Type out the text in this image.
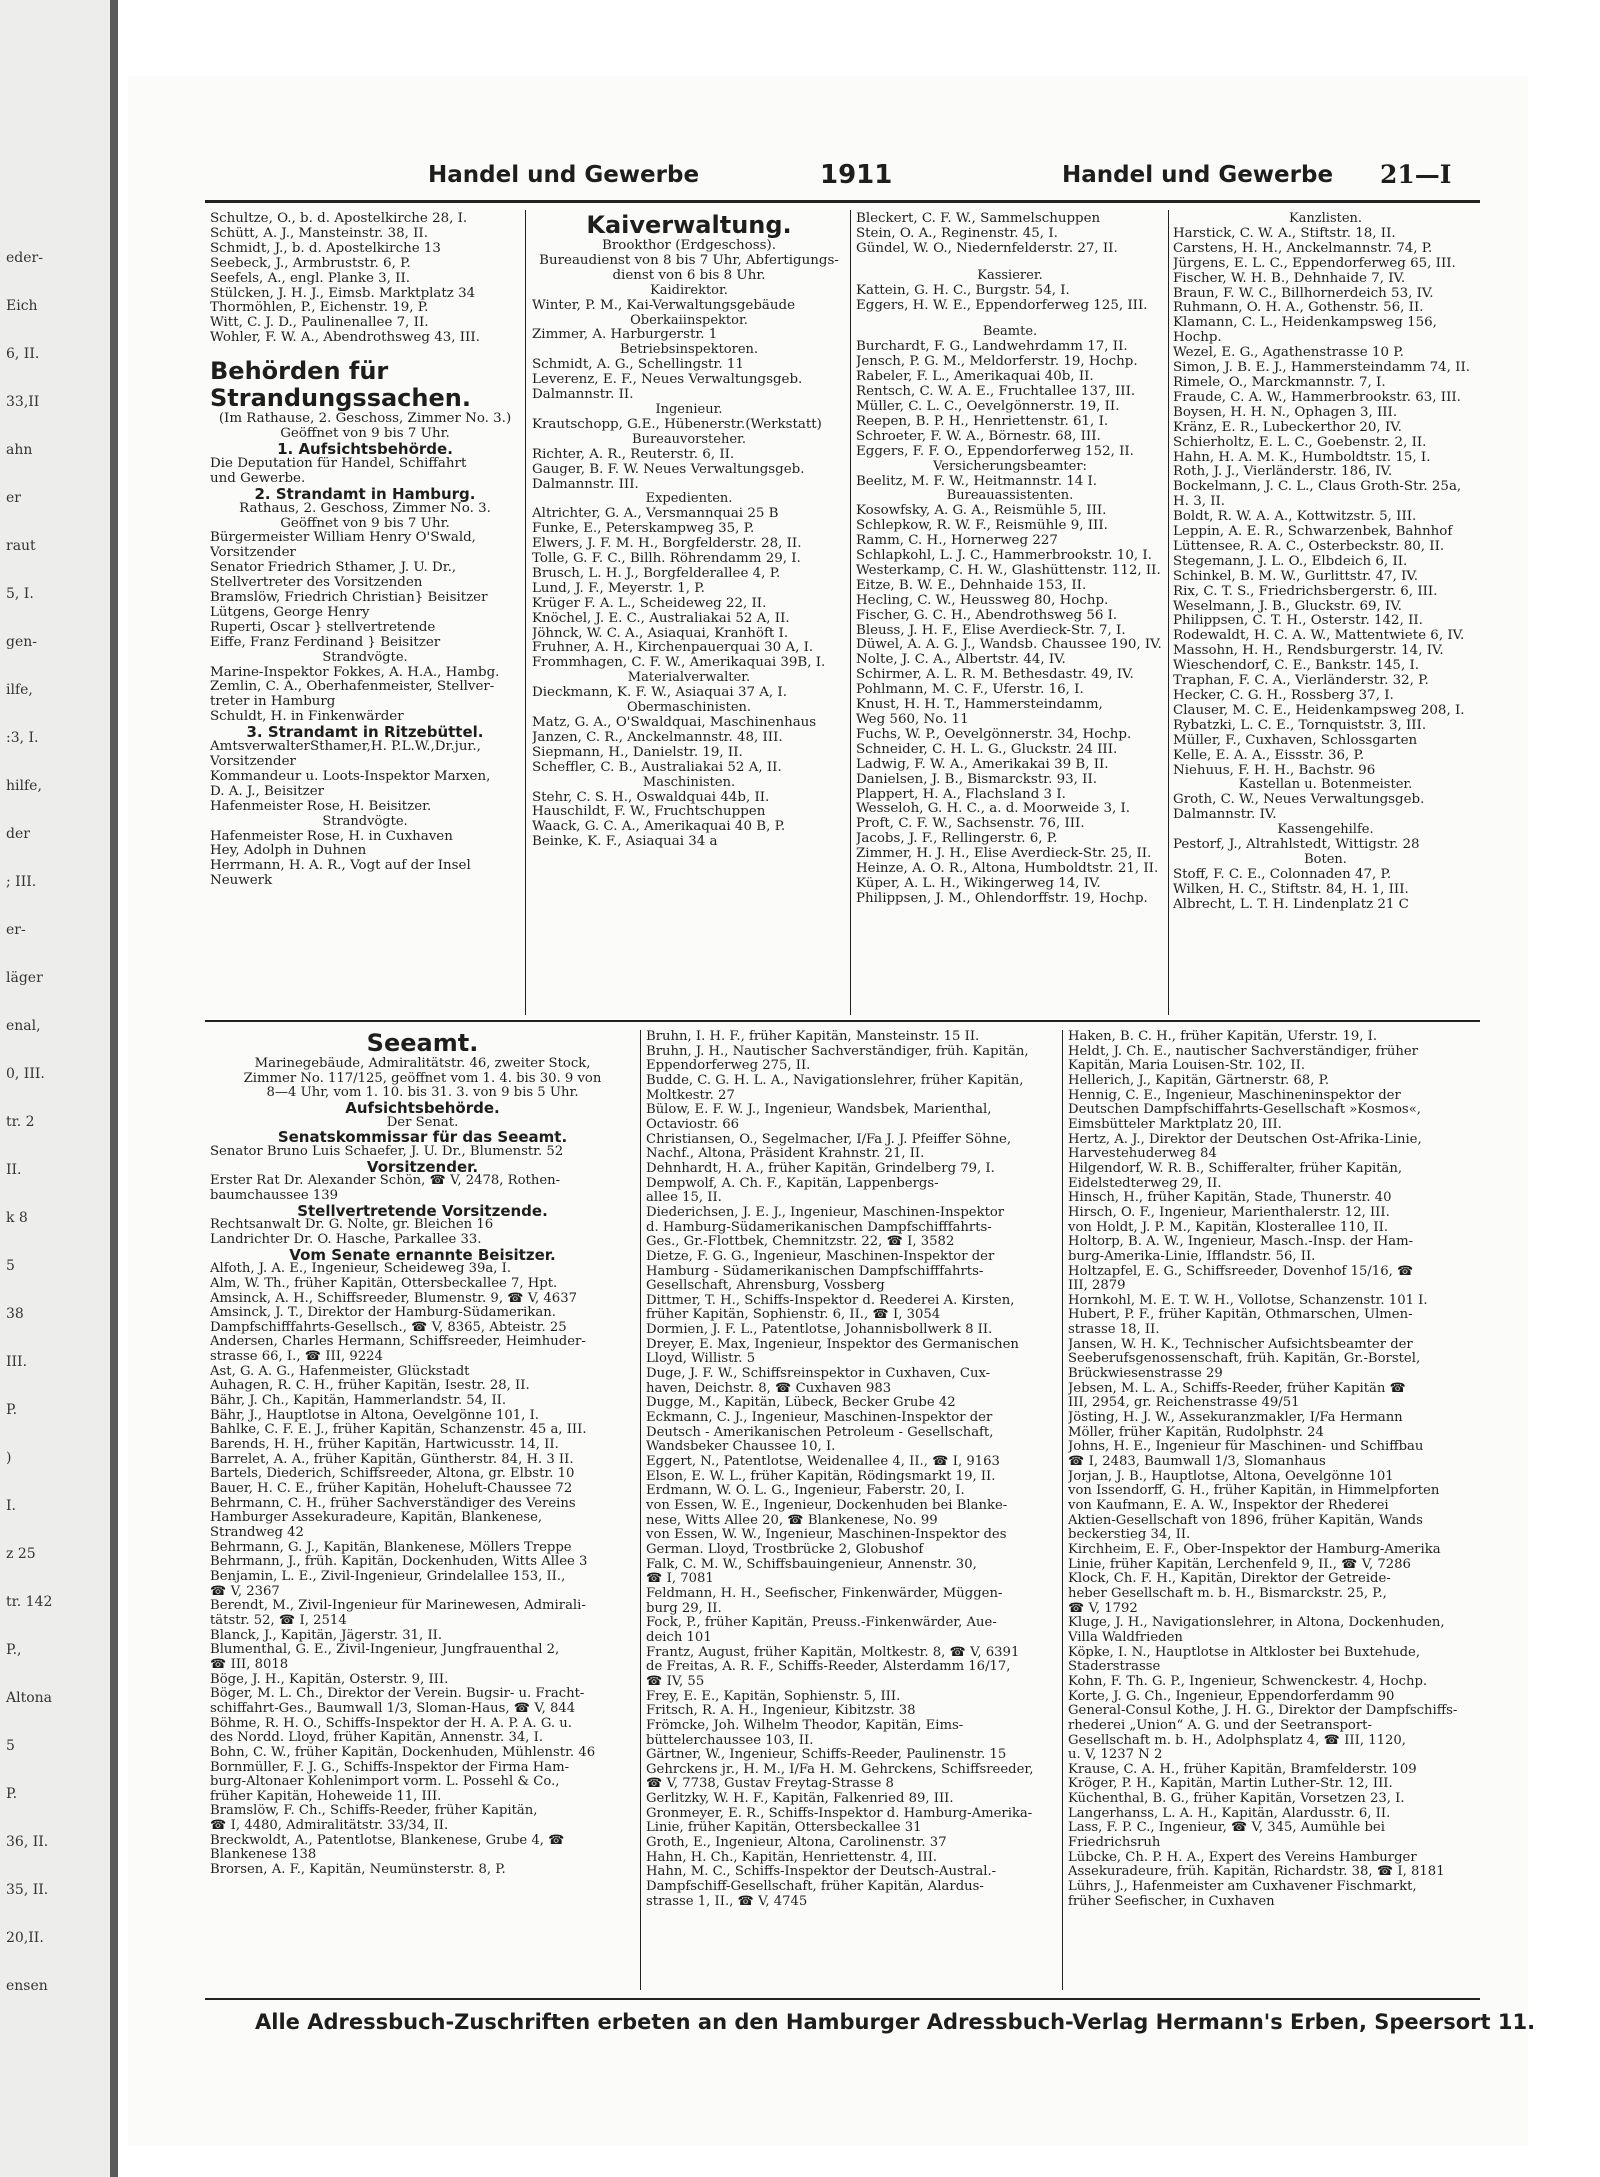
eder-
Eich
6, II.
33,II
ahn
er
raut
5, I.
gen-
ilfe,
:3, I.
hilfe,
der
; III.
er-
läger
enal,
0, III.
tr. 2
II.
k 8
5
38
III.
P.
)
I.
z 25
tr. 142
P.,
Altona
5
P.
36, II.
35, II.
20,II.
ensen
Handel und Gewerbe	1911	Handel und Gewerbe 21—I
Schultze, O., b. d. Apostelkirche 28, I.
Schütt, A. J., Mansteinstr. 38, II.
Schmidt, J., b. d. Apostelkirche 13
Seebeck, J., Armbruststr. 6, P.
Seefels, A., engl. Planke 3, II.
Stülcken, J. H. J., Eimsb. Marktplatz 34
Thormöhlen, P., Eichenstr. 19, P.
Witt, C. J. D., Paulinenallee 7, II.
Wohler, F. W. A., Abendrothsweg 43, III.
Behörden für
Strandungssachen.
(Im Rathause, 2. Geschoss, Zimmer No. 3.)
Geöffnet von 9 bis 7 Uhr.
1. Aufsichtsbehörde.
Die Deputation für Handel, Schiffahrt
und Gewerbe.
2. Strandamt in Hamburg.
Rathaus, 2. Geschoss, Zimmer No. 3.
Geöffnet von 9 bis 7 Uhr.
Bürgermeister William Henry O'Swald,
Vorsitzender
Senator Friedrich Sthamer, J. U. Dr.,
Stellvertreter des Vorsitzenden
Bramslöw, Friedrich Christian} Beisitzer
Lütgens, George Henry
Ruperti, Oscar } stellvertretende
Eiffe, Franz Ferdinand } Beisitzer
Strandvögte.
Marine-Inspektor Fokkes, A. H.A., Hambg.
Zemlin, C. A., Oberhafenmeister, Stellver-
treter in Hamburg
Schuldt, H. in Finkenwärder
3. Strandamt in Ritzebüttel.
AmtsverwalterSthamer,H. P.L.W.,Dr.jur.,
Vorsitzender
Kommandeur u. Loots-Inspektor Marxen,
D. A. J., Beisitzer
Hafenmeister Rose, H. Beisitzer.
Strandvögte.
Hafenmeister Rose, H. in Cuxhaven
Hey, Adolph in Duhnen
Herrmann, H. A. R., Vogt auf der Insel
Neuwerk
Kaiverwaltung.
Brookthor (Erdgeschoss).
Bureaudienst von 8 bis 7 Uhr, Abfertigungs-
dienst von 6 bis 8 Uhr.
Kaidirektor.
Winter, P. M., Kai-Verwaltungsgebäude
Oberkaiinspektor.
Zimmer, A. Harburgerstr. 1
Betriebsinspektoren.
Schmidt, A. G., Schellingstr. 11
Leverenz, E. F., Neues Verwaltungsgeb.
Dalmannstr. II.
Ingenieur.
Krautschopp, G.E., Hübenerstr.(Werkstatt)
Bureauvorsteher.
Richter, A. R., Reuterstr. 6, II.
Gauger, B. F. W. Neues Verwaltungsgeb.
Dalmannstr. III.
Expedienten.
Altrichter, G. A., Versmannquai 25 B
Funke, E., Peterskampweg 35, P.
Elwers, J. F. M. H., Borgfelderstr. 28, II.
Tolle, G. F. C., Billh. Röhrendamm 29, I.
Brusch, L. H. J., Borgfelderallee 4, P.
Lund, J. F., Meyerstr. 1, P.
Krüger F. A. L., Scheideweg 22, II.
Knöchel, J. E. C., Australiakai 52 A, II.
Jöhnck, W. C. A., Asiaquai, Kranhöft I.
Fruhner, A. H., Kirchenpauerquai 30 A, I.
Frommhagen, C. F. W., Amerikaquai 39B, I.
Materialverwalter.
Dieckmann, K. F. W., Asiaquai 37 A, I.
Obermaschinisten.
Matz, G. A., O'Swaldquai, Maschinenhaus
Janzen, C. R., Anckelmannstr. 48, III.
Siepmann, H., Danielstr. 19, II.
Scheffler, C. B., Australiakai 52 A, II.
Maschinisten.
Stehr, C. S. H., Oswaldquai 44b, II.
Hauschildt, F. W., Fruchtschuppen
Waack, G. C. A., Amerikaquai 40 B, P.
Beinke, K. F., Asiaquai 34 a
Bleckert, C. F. W., Sammelschuppen
Stein, O. A., Reginenstr. 45, I.
Gündel, W. O., Niedernfelderstr. 27, II.
Kassierer.
Kattein, G. H. C., Burgstr. 54, I.
Eggers, H. W. E., Eppendorferweg 125, III.
Beamte.
Burchardt, F. G., Landwehrdamm 17, II.
Jensch, P. G. M., Meldorferstr. 19, Hochp.
Rabeler, F. L., Amerikaquai 40b, II.
Rentsch, C. W. A. E., Fruchtallee 137, III.
Müller, C. L. C., Oevelgönnerstr. 19, II.
Reepen, B. P. H., Henriettenstr. 61, I.
Schroeter, F. W. A., Börnestr. 68, III.
Eggers, F. F. O., Eppendorferweg 152, II.
Versicherungsbeamter:
Beelitz, M. F. W., Heitmannstr. 14 I.
Bureauassistenten.
Kosowfsky, A. G. A., Reismühle 5, III.
Schlepkow, R. W. F., Reismühle 9, III.
Ramm, C. H., Hornerweg 227
Schlapkohl, L. J. C., Hammerbrookstr. 10, I.
Westerkamp, C. H. W., Glashüttenstr. 112, II.
Eitze, B. W. E., Dehnhaide 153, II.
Hecling, C. W., Heussweg 80, Hochp.
Fischer, G. C. H., Abendrothsweg 56 I.
Bleuss, J. H. F., Elise Averdieck-Str. 7, I.
Düwel, A. A. G. J., Wandsb. Chaussee 190, IV.
Nolte, J. C. A., Albertstr. 44, IV.
Schirmer, A. L. R. M. Bethesdastr. 49, IV.
Pohlmann, M. C. F., Uferstr. 16, I.
Knust, H. H. T., Hammersteindamm,
Weg 560, No. 11
Fuchs, W. P., Oevelgönnerstr. 34, Hochp.
Schneider, C. H. L. G., Gluckstr. 24 III.
Ladwig, F. W. A., Amerikakai 39 B, II.
Danielsen, J. B., Bismarckstr. 93, II.
Plappert, H. A., Flachsland 3 I.
Wesseloh, G. H. C., a. d. Moorweide 3, I.
Proft, C. F. W., Sachsenstr. 76, III.
Jacobs, J. F., Rellingerstr. 6, P.
Zimmer, H. J. H., Elise Averdieck-Str. 25, II.
Heinze, A. O. R., Altona, Humboldtstr. 21, II.
Küper, A. L. H., Wikingerweg 14, IV.
Philippsen, J. M., Ohlendorffstr. 19, Hochp.
Kanzlisten.
Harstick, C. W. A., Stiftstr. 18, II.
Carstens, H. H., Anckelmannstr. 74, P.
Jürgens, E. L. C., Eppendorferweg 65, III.
Fischer, W. H. B., Dehnhaide 7, IV.
Braun, F. W. C., Billhornerdeich 53, IV.
Ruhmann, O. H. A., Gothenstr. 56, II.
Klamann, C. L., Heidenkampsweg 156,
Hochp.
Wezel, E. G., Agathenstrasse 10 P.
Simon, J. B. E. J., Hammersteindamm 74, II.
Rimele, O., Marckmannstr. 7, I.
Fraude, C. A. W., Hammerbrookstr. 63, III.
Boysen, H. H. N., Ophagen 3, III.
Kränz, E. R., Lubeckerthor 20, IV.
Schierholtz, E. L. C., Goebenstr. 2, II.
Hahn, H. A. M. K., Humboldtstr. 15, I.
Roth, J. J., Vierländerstr. 186, IV.
Bockelmann, J. C. L., Claus Groth-Str. 25a,
H. 3, II.
Boldt, R. W. A. A., Kottwitzstr. 5, III.
Leppin, A. E. R., Schwarzenbek, Bahnhof
Lüttensee, R. A. C., Osterbeckstr. 80, II.
Stegemann, J. L. O., Elbdeich 6, II.
Schinkel, B. M. W., Gurlittstr. 47, IV.
Rix, C. T. S., Friedrichsbergerstr. 6, III.
Weselmann, J. B., Gluckstr. 69, IV.
Philippsen, C. T. H., Osterstr. 142, II.
Rodewaldt, H. C. A. W., Mattentwiete 6, IV.
Massohn, H. H., Rendsburgerstr. 14, IV.
Wieschendorf, C. E., Bankstr. 145, I.
Traphan, F. C. A., Vierländerstr. 32, P.
Hecker, C. G. H., Rossberg 37, I.
Clauser, M. C. E., Heidenkampsweg 208, I.
Rybatzki, L. C. E., Tornquiststr. 3, III.
Müller, F., Cuxhaven, Schlossgarten
Kelle, E. A. A., Eissstr. 36, P.
Niehuus, F. H. H., Bachstr. 96
Kastellan u. Botenmeister.
Groth, C. W., Neues Verwaltungsgeb.
Dalmannstr. IV.
Kassengehilfe.
Pestorf, J., Altrahlstedt, Wittigstr. 28
Boten.
Stoff, F. C. E., Colonnaden 47, P.
Wilken, H. C., Stiftstr. 84, H. 1, III.
Albrecht, L. T. H. Lindenplatz 21 C
Seeamt.
Marinegebäude, Admiralitätstr. 46, zweiter Stock,
Zimmer No. 117/125, geöffnet vom 1. 4. bis 30. 9 von
8—4 Uhr, vom 1. 10. bis 31. 3. von 9 bis 5 Uhr.
Aufsichtsbehörde.
Der Senat.
Senatskommissar für das Seeamt.
Senator Bruno Luis Schaefer, J. U. Dr., Blumenstr. 52
Vorsitzender.
Erster Rat Dr. Alexander Schön, ☎ V, 2478, Rothen-
baumchaussee 139
Stellvertretende Vorsitzende.
Rechtsanwalt Dr. G. Nolte, gr. Bleichen 16
Landrichter Dr. O. Hasche, Parkallee 33.
Vom Senate ernannte Beisitzer.
Alfoth, J. A. E., Ingenieur, Scheideweg 39a, I.
Alm, W. Th., früher Kapitän, Ottersbeckallee 7, Hpt.
Amsinck, A. H., Schiffsreeder, Blumenstr. 9, ☎ V, 4637
Amsinck, J. T., Direktor der Hamburg-Südamerikan.
Dampfschifffahrts-Gesellsch., ☎ V, 8365, Abteistr. 25
Andersen, Charles Hermann, Schiffsreeder, Heimhuder-
strasse 66, I., ☎ III, 9224
Ast, G. A. G., Hafenmeister, Glückstadt
Auhagen, R. C. H., früher Kapitän, Isestr. 28, II.
Bähr, J. Ch., Kapitän, Hammerlandstr. 54, II.
Bähr, J., Hauptlotse in Altona, Oevelgönne 101, I.
Bahlke, C. F. E. J., früher Kapitän, Schanzenstr. 45 a, III.
Barends, H. H., früher Kapitän, Hartwicusstr. 14, II.
Barrelet, A. A., früher Kapitän, Güntherstr. 84, H. 3 II.
Bartels, Diederich, Schiffsreeder, Altona, gr. Elbstr. 10
Bauer, H. C. E., früher Kapitän, Hoheluft-Chaussee 72
Behrmann, C. H., früher Sachverständiger des Vereins
Hamburger Assekuradeure, Kapitän, Blankenese,
Strandweg 42
Behrmann, G. J., Kapitän, Blankenese, Möllers Treppe
Behrmann, J., früh. Kapitän, Dockenhuden, Witts Allee 3
Benjamin, L. E., Zivil-Ingenieur, Grindelallee 153, II.,
☎ V, 2367
Berendt, M., Zivil-Ingenieur für Marinewesen, Admirali-
tätstr. 52, ☎ I, 2514
Blanck, J., Kapitän, Jägerstr. 31, II.
Blumenthal, G. E., Zivil-Ingenieur, Jungfrauenthal 2,
☎ III, 8018
Böge, J. H., Kapitän, Osterstr. 9, III.
Böger, M. L. Ch., Direktor der Verein. Bugsir- u. Fracht-
schiffahrt-Ges., Baumwall 1/3, Sloman-Haus, ☎ V, 844
Böhme, R. H. O., Schiffs-Inspektor der H. A. P. A. G. u.
des Nordd. Lloyd, früher Kapitän, Annenstr. 34, I.
Bohn, C. W., früher Kapitän, Dockenhuden, Mühlenstr. 46
Bornmüller, F. J. G., Schiffs-Inspektor der Firma Ham-
burg-Altonaer Kohlenimport vorm. L. Possehl & Co.,
früher Kapitän, Hoheweide 11, III.
Bramslöw, F. Ch., Schiffs-Reeder, früher Kapitän,
☎ I, 4480, Admiralitätstr. 33/34, II.
Breckwoldt, A., Patentlotse, Blankenese, Grube 4, ☎
Blankenese 138
Brorsen, A. F., Kapitän, Neumünsterstr. 8, P.
Bruhn, I. H. F., früher Kapitän, Mansteinstr. 15 II.
Bruhn, J. H., Nautischer Sachverständiger, früh. Kapitän,
Eppendorferweg 275, II.
Budde, C. G. H. L. A., Navigationslehrer, früher Kapitän,
Moltkestr. 27
Bülow, E. F. W. J., Ingenieur, Wandsbek, Marienthal,
Octaviostr. 66
Christiansen, O., Segelmacher, I/Fa J. J. Pfeiffer Söhne,
Nachf., Altona, Präsident Krahnstr. 21, II.
Dehnhardt, H. A., früher Kapitän, Grindelberg 79, I.
Dempwolf, A. Ch. F., Kapitän, Lappenbergs-
allee 15, II.
Diederichsen, J. E. J., Ingenieur, Maschinen-Inspektor
d. Hamburg-Südamerikanischen Dampfschifffahrts-
Ges., Gr.-Flottbek, Chemnitzstr. 22, ☎ I, 3582
Dietze, F. G. G., Ingenieur, Maschinen-Inspektor der
Hamburg - Südamerikanischen Dampfschifffahrts-
Gesellschaft, Ahrensburg, Vossberg
Dittmer, T. H., Schiffs-Inspektor d. Reederei A. Kirsten,
früher Kapitän, Sophienstr. 6, II., ☎ I, 3054
Dormien, J. F. L., Patentlotse, Johannisbollwerk 8 II.
Dreyer, E. Max, Ingenieur, Inspektor des Germanischen
Lloyd, Willistr. 5
Duge, J. F. W., Schiffsreinspektor in Cuxhaven, Cux-
haven, Deichstr. 8, ☎ Cuxhaven 983
Dugge, M., Kapitän, Lübeck, Becker Grube 42
Eckmann, C. J., Ingenieur, Maschinen-Inspektor der
Deutsch - Amerikanischen Petroleum - Gesellschaft,
Wandsbeker Chaussee 10, I.
Eggert, N., Patentlotse, Weidenallee 4, II., ☎ I, 9163
Elson, E. W. L., früher Kapitän, Rödingsmarkt 19, II.
Erdmann, W. O. L. G., Ingenieur, Faberstr. 20, I.
von Essen, W. E., Ingenieur, Dockenhuden bei Blanke-
nese, Witts Allee 20, ☎ Blankenese, No. 99
von Essen, W. W., Ingenieur, Maschinen-Inspektor des
German. Lloyd, Trostbrücke 2, Globushof
Falk, C. M. W., Schiffsbauingenieur, Annenstr. 30,
☎ I, 7081
Feldmann, H. H., Seefischer, Finkenwärder, Müggen-
burg 29, II.
Fock, P., früher Kapitän, Preuss.-Finkenwärder, Aue-
deich 101
Frantz, August, früher Kapitän, Moltkestr. 8, ☎ V, 6391
de Freitas, A. R. F., Schiffs-Reeder, Alsterdamm 16/17,
☎ IV, 55
Frey, E. E., Kapitän, Sophienstr. 5, III.
Fritsch, R. A. H., Ingenieur, Kibitzstr. 38
Frömcke, Joh. Wilhelm Theodor, Kapitän, Eims-
büttelerchaussee 103, II.
Gärtner, W., Ingenieur, Schiffs-Reeder, Paulinenstr. 15
Gehrckens jr., H. M., I/Fa H. M. Gehrckens, Schiffsreeder,
☎ V, 7738, Gustav Freytag-Strasse 8
Gerlitzky, W. H. F., Kapitän, Falkenried 89, III.
Gronmeyer, E. R., Schiffs-Inspektor d. Hamburg-Amerika-
Linie, früher Kapitän, Ottersbeckallee 31
Groth, E., Ingenieur, Altona, Carolinenstr. 37
Hahn, H. Ch., Kapitän, Henriettenstr. 4, III.
Hahn, M. C., Schiffs-Inspektor der Deutsch-Austral.-
Dampfschiff-Gesellschaft, früher Kapitän, Alardus-
strasse 1, II., ☎ V, 4745
Haken, B. C. H., früher Kapitän, Uferstr. 19, I.
Heldt, J. Ch. E., nautischer Sachverständiger, früher
Kapitän, Maria Louisen-Str. 102, II.
Hellerich, J., Kapitän, Gärtnerstr. 68, P.
Hennig, C. E., Ingenieur, Maschineninspektor der
Deutschen Dampfschiffahrts-Gesellschaft »Kosmos«,
Eimsbütteler Marktplatz 20, III.
Hertz, A. J., Direktor der Deutschen Ost-Afrika-Linie,
Harvestehuderweg 84
Hilgendorf, W. R. B., Schifferalter, früher Kapitän,
Eidelstedterweg 29, II.
Hinsch, H., früher Kapitän, Stade, Thunerstr. 40
Hirsch, O. F., Ingenieur, Marienthalerstr. 12, III.
von Holdt, J. P. M., Kapitän, Klosterallee 110, II.
Holtorp, B. A. W., Ingenieur, Masch.-Insp. der Ham-
burg-Amerika-Linie, Ifflandstr. 56, II.
Holtzapfel, E. G., Schiffsreeder, Dovenhof 15/16, ☎
III, 2879
Hornkohl, M. E. T. W. H., Vollotse, Schanzenstr. 101 I.
Hubert, P. F., früher Kapitän, Othmarschen, Ulmen-
strasse 18, II.
Jansen, W. H. K., Technischer Aufsichtsbeamter der
Seeberufsgenossenschaft, früh. Kapitän, Gr.-Borstel,
Brückwiesenstrasse 29
Jebsen, M. L. A., Schiffs-Reeder, früher Kapitän ☎
III, 2954, gr. Reichenstrasse 49/51
Jösting, H. J. W., Assekuranzmakler, I/Fa Hermann
Möller, früher Kapitän, Rudolphstr. 24
Johns, H. E., Ingenieur für Maschinen- und Schiffbau
☎ I, 2483, Baumwall 1/3, Slomanhaus
Jorjan, J. B., Hauptlotse, Altona, Oevelgönne 101
von Issendorff, G. H., früher Kapitän, in Himmelpforten
von Kaufmann, E. A. W., Inspektor der Rhederei
Aktien-Gesellschaft von 1896, früher Kapitän, Wands
beckerstieg 34, II.
Kirchheim, E. F., Ober-Inspektor der Hamburg-Amerika
Linie, früher Kapitän, Lerchenfeld 9, II., ☎ V, 7286
Klock, Ch. F. H., Kapitän, Direktor der Getreide-
heber Gesellschaft m. b. H., Bismarckstr. 25, P.,
☎ V, 1792
Kluge, J. H., Navigationslehrer, in Altona, Dockenhuden,
Villa Waldfrieden
Köpke, I. N., Hauptlotse in Altkloster bei Buxtehude,
Staderstrasse
Kohn, F. Th. G. P., Ingenieur, Schwenckestr. 4, Hochp.
Korte, J. G. Ch., Ingenieur, Eppendorferdamm 90
General-Consul Kothe, J. H. G., Direktor der Dampfschiffs-
rhederei „Union“ A. G. und der Seetransport-
Gesellschaft m. b. H., Adolphsplatz 4, ☎ III, 1120,
u. V, 1237 N 2
Krause, C. A. H., früher Kapitän, Bramfelderstr. 109
Kröger, P. H., Kapitän, Martin Luther-Str. 12, III.
Küchenthal, B. G., früher Kapitän, Vorsetzen 23, I.
Langerhanss, L. A. H., Kapitän, Alardusstr. 6, II.
Lass, F. P. C., Ingenieur, ☎ V, 345, Aumühle bei
Friedrichsruh
Lübcke, Ch. P. H. A., Expert des Vereins Hamburger
Assekuradeure, früh. Kapitän, Richardstr. 38, ☎ I, 8181
Lührs, J., Hafenmeister am Cuxhavener Fischmarkt,
früher Seefischer, in Cuxhaven
Alle Adressbuch-Zuschriften erbeten an den Hamburger Adressbuch-Verlag Hermann's Erben, Speersort 11.
